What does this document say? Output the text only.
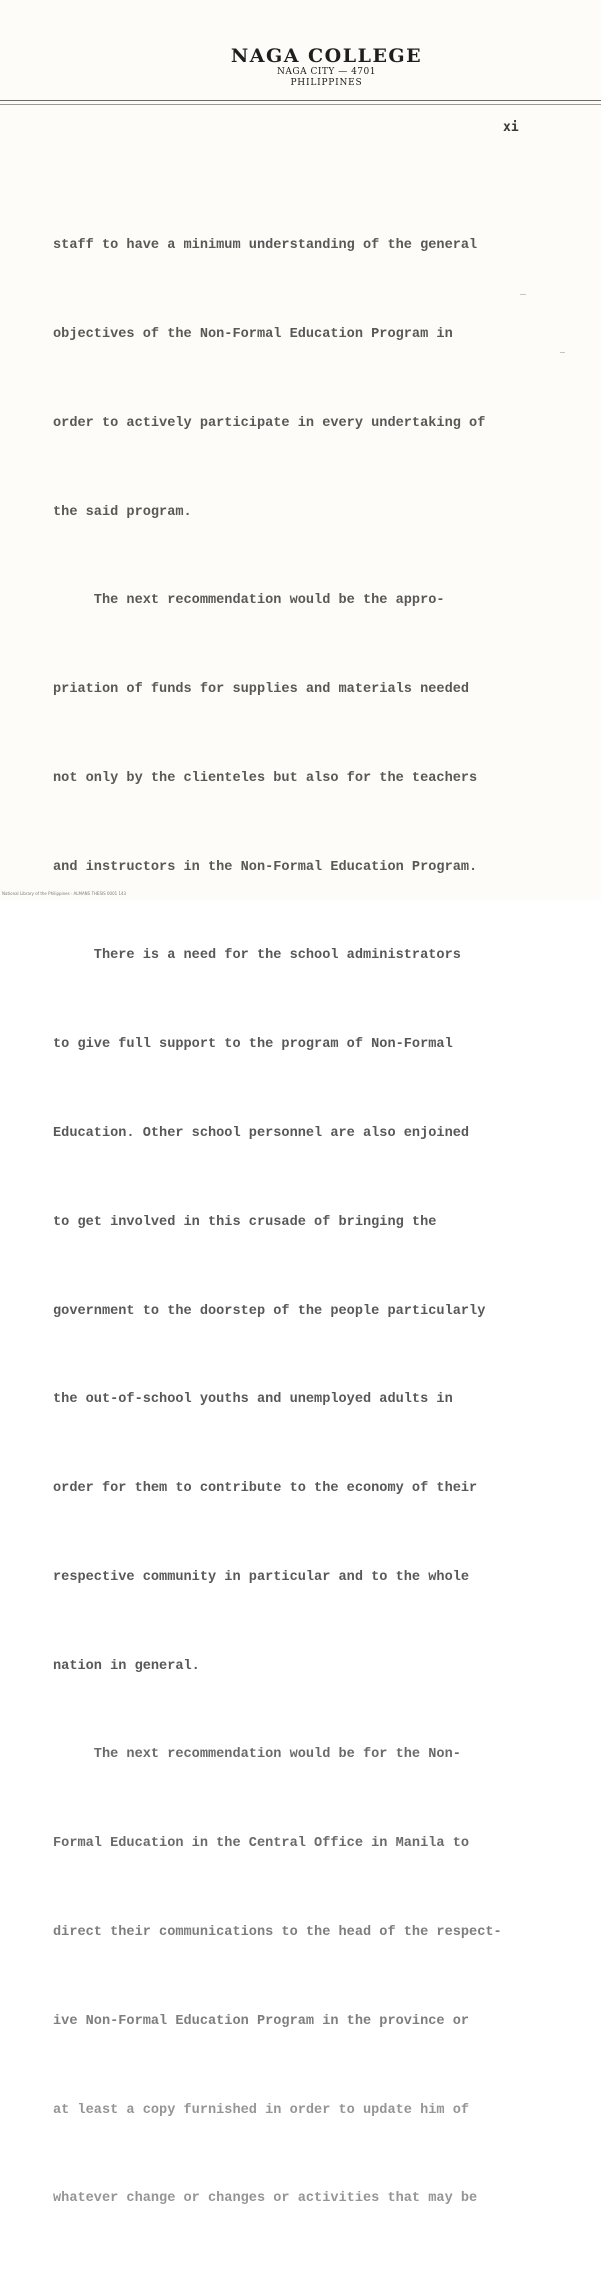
NAGA COLLEGE
NAGA CITY — 4701
PHILIPPINES
xi

staff to have a minimum understanding of the general

objectives of the Non-Formal Education Program in

order to actively participate in every undertaking of

the said program.

The next recommendation would be the appro-

priation of funds for supplies and materials needed

not only by the clienteles but also for the teachers

and instructors in the Non-Formal Education Program.

There is a need for the school administrators

to give full support to the program of Non-Formal

Education. Other school personnel are also enjoined

to get involved in this crusade of bringing the

government to the doorstep of the people particularly

the out-of-school youths and unemployed adults in

order for them to contribute to the economy of their

respective community in particular and to the whole

nation in general.

The next recommendation would be for the Non-

Formal Education in the Central Office in Manila to

direct their communications to the head of the respect-

ive Non-Formal Education Program in the province or

at least a copy furnished in order to update him of

whatever change or changes or activities that may be

National Library of the Philippines · ALMANS THESIS 0001 143
